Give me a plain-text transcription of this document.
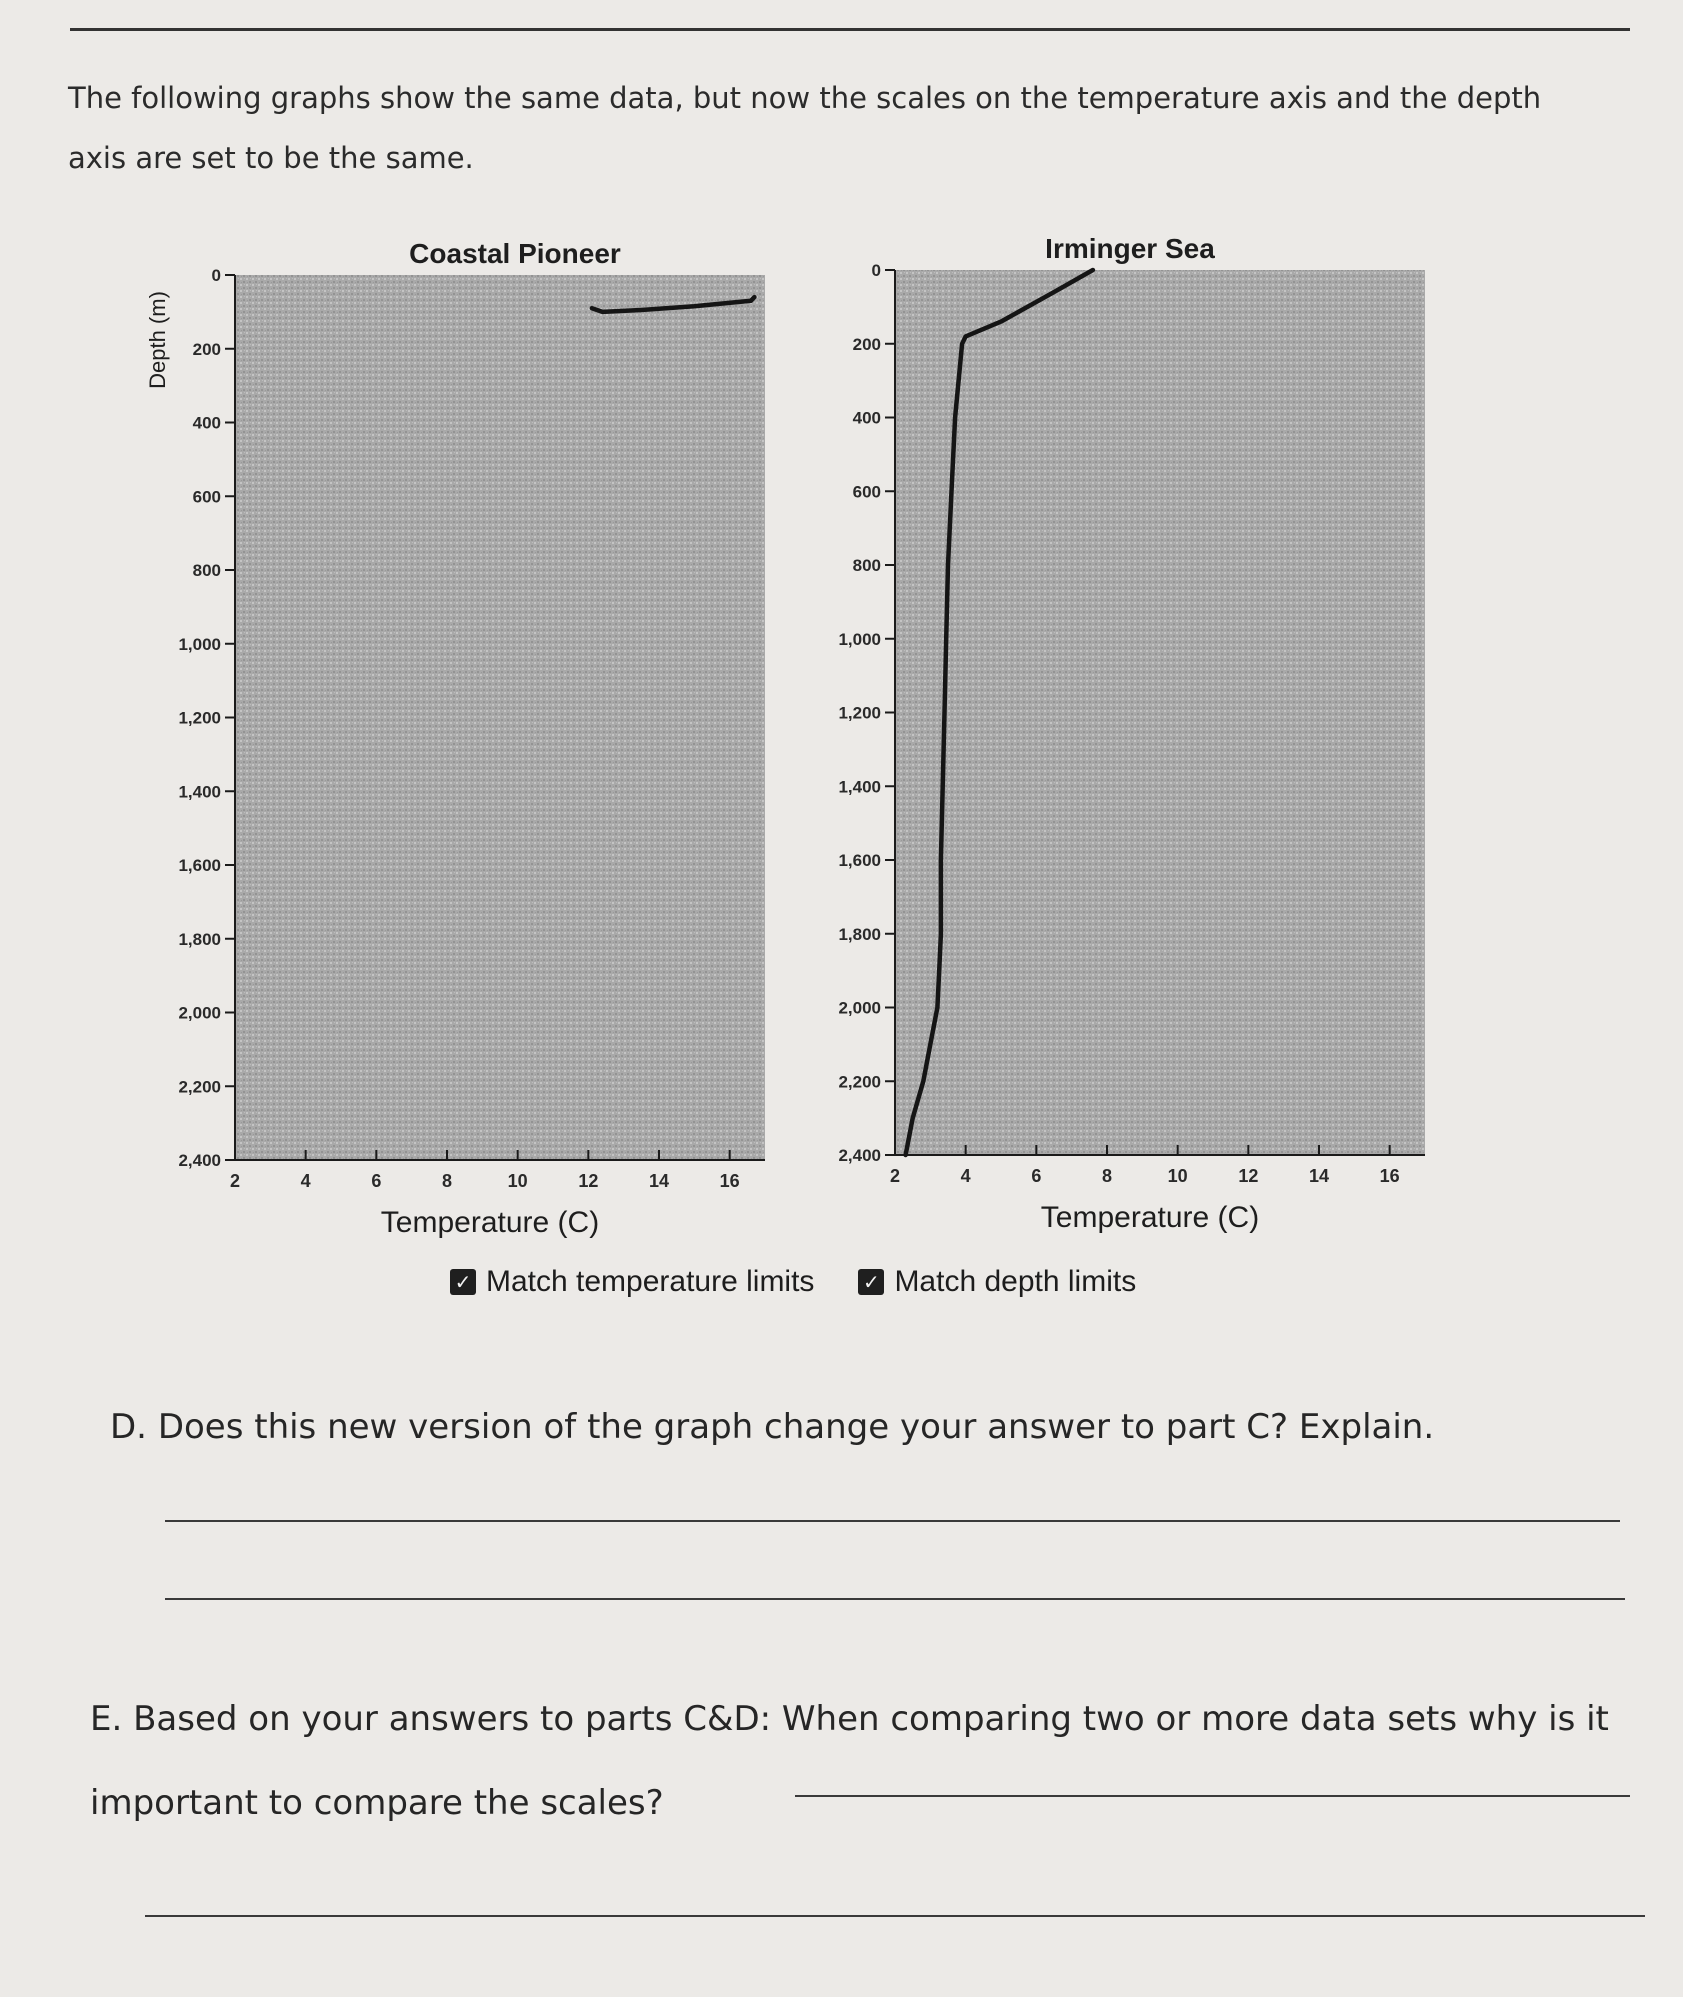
The following graphs show the same data, but now the scales on the temperature axis and the depth axis are set to be the same.
0
200
400
600
800
1,000
1,200
1,400
1,600
1,800
2,000
2,200
2,400
2	4	6	8	10	12	14	16
Coastal Pioneer
Temperature (C)
Depth (m)
0
200
400
600
800
1,000
1,200
1,400
1,600
1,800
2,000
2,200
2,400
2	4	6	8	10	12	14	16
Irminger Sea
Temperature (C)
✓ Match temperature limits ✓ Match depth limits
D. Does this new version of the graph change your answer to part C? Explain.
E. Based on your answers to parts C&D: When comparing two or more data sets why is it important to compare the scales?
